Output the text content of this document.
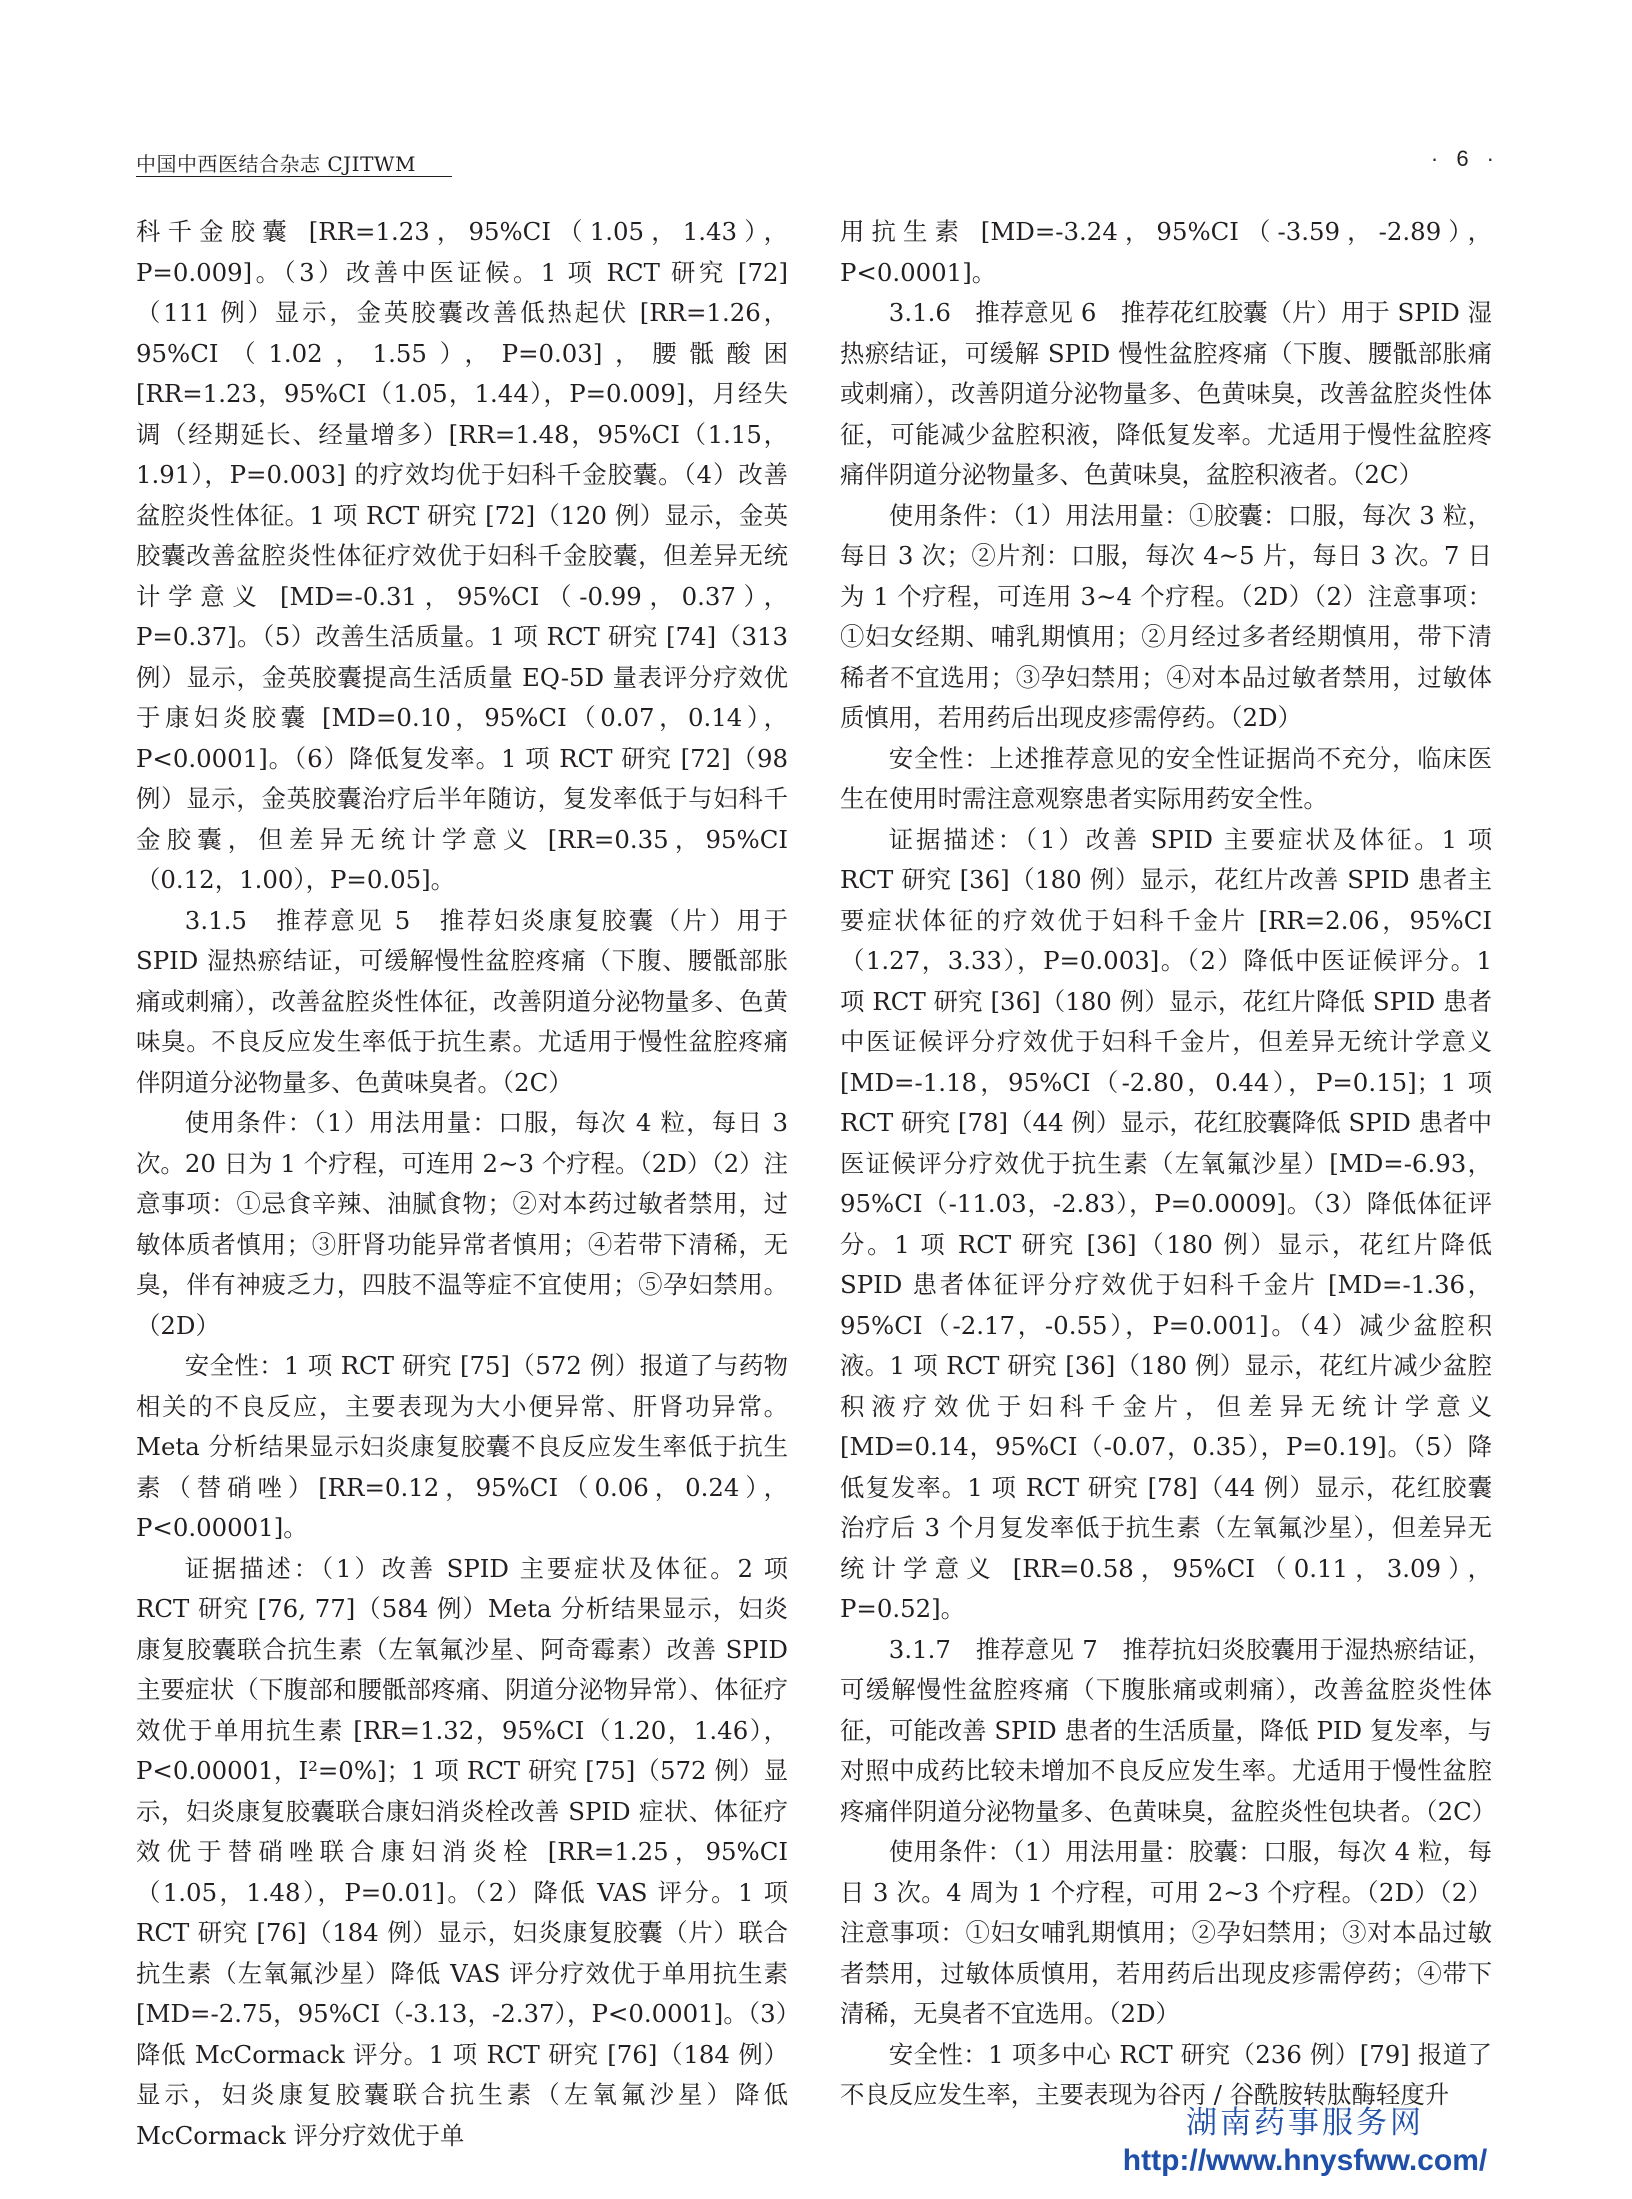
中国中西医结合杂志 CJITWM	· 6 ·

科千金胶囊 [RR=1.23，95%CI（1.05，1.43），P=0.009]。（3）改善中医证候。1 项 RCT 研究 [72]（111 例）显示，金英胶囊改善低热起伏 [RR=1.26，95%CI（1.02，1.55），P=0.03]，腰骶酸困 [RR=1.23，95%CI（1.05，1.44），P=0.009]，月经失调（经期延长、经量增多）[RR=1.48，95%CI（1.15，1.91），P=0.003] 的疗效均优于妇科千金胶囊。（4）改善盆腔炎性体征。1 项 RCT 研究 [72]（120 例）显示，金英胶囊改善盆腔炎性体征疗效优于妇科千金胶囊，但差异无统计学意义 [MD=-0.31，95%CI（-0.99，0.37），P=0.37]。（5）改善生活质量。1 项 RCT 研究 [74]（313 例）显示，金英胶囊提高生活质量 EQ-5D 量表评分疗效优于康妇炎胶囊 [MD=0.10，95%CI（0.07，0.14），P<0.0001]。（6）降低复发率。1 项 RCT 研究 [72]（98 例）显示，金英胶囊治疗后半年随访，复发率低于与妇科千金胶囊，但差异无统计学意义 [RR=0.35，95%CI（0.12，1.00），P=0.05]。

3.1.5　推荐意见 5　推荐妇炎康复胶囊（片）用于 SPID 湿热瘀结证，可缓解慢性盆腔疼痛（下腹、腰骶部胀痛或刺痛），改善盆腔炎性体征，改善阴道分泌物量多、色黄味臭。不良反应发生率低于抗生素。尤适用于慢性盆腔疼痛伴阴道分泌物量多、色黄味臭者。（2C）

使用条件：（1）用法用量：口服，每次 4 粒，每日 3 次。20 日为 1 个疗程，可连用 2~3 个疗程。（2D）（2）注意事项：①忌食辛辣、油腻食物；②对本药过敏者禁用，过敏体质者慎用；③肝肾功能异常者慎用；④若带下清稀，无臭，伴有神疲乏力，四肢不温等症不宜使用；⑤孕妇禁用。（2D）

安全性：1 项 RCT 研究 [75]（572 例）报道了与药物相关的不良反应，主要表现为大小便异常、肝肾功异常。Meta 分析结果显示妇炎康复胶囊不良反应发生率低于抗生素（替硝唑）[RR=0.12，95%CI（0.06，0.24），P<0.00001]。

证据描述：（1）改善 SPID 主要症状及体征。2 项 RCT 研究 [76, 77]（584 例）Meta 分析结果显示，妇炎康复胶囊联合抗生素（左氧氟沙星、阿奇霉素）改善 SPID 主要症状（下腹部和腰骶部疼痛、阴道分泌物异常）、体征疗效优于单用抗生素 [RR=1.32，95%CI（1.20，1.46），P<0.00001，I²=0%]；1 项 RCT 研究 [75]（572 例）显示，妇炎康复胶囊联合康妇消炎栓改善 SPID 症状、体征疗效优于替硝唑联合康妇消炎栓 [RR=1.25，95%CI（1.05，1.48），P=0.01]。（2）降低 VAS 评分。1 项 RCT 研究 [76]（184 例）显示，妇炎康复胶囊（片）联合抗生素（左氧氟沙星）降低 VAS 评分疗效优于单用抗生素 [MD=-2.75，95%CI（-3.13，-2.37），P<0.0001]。（3）降低 McCormack 评分。1 项 RCT 研究 [76]（184 例）显示，妇炎康复胶囊联合抗生素（左氧氟沙星）降低 McCormack 评分疗效优于单

用抗生素 [MD=-3.24，95%CI（-3.59，-2.89），P<0.0001]。

3.1.6　推荐意见 6　推荐花红胶囊（片）用于 SPID 湿热瘀结证，可缓解 SPID 慢性盆腔疼痛（下腹、腰骶部胀痛或刺痛），改善阴道分泌物量多、色黄味臭，改善盆腔炎性体征，可能减少盆腔积液，降低复发率。尤适用于慢性盆腔疼痛伴阴道分泌物量多、色黄味臭，盆腔积液者。（2C）

使用条件：（1）用法用量：①胶囊：口服，每次 3 粒，每日 3 次；②片剂：口服，每次 4~5 片，每日 3 次。7 日为 1 个疗程，可连用 3~4 个疗程。（2D）（2）注意事项：①妇女经期、哺乳期慎用；②月经过多者经期慎用，带下清稀者不宜选用；③孕妇禁用；④对本品过敏者禁用，过敏体质慎用，若用药后出现皮疹需停药。（2D）

安全性：上述推荐意见的安全性证据尚不充分，临床医生在使用时需注意观察患者实际用药安全性。

证据描述：（1）改善 SPID 主要症状及体征。1 项 RCT 研究 [36]（180 例）显示，花红片改善 SPID 患者主要症状体征的疗效优于妇科千金片 [RR=2.06，95%CI（1.27，3.33），P=0.003]。（2）降低中医证候评分。1 项 RCT 研究 [36]（180 例）显示，花红片降低 SPID 患者中医证候评分疗效优于妇科千金片，但差异无统计学意义 [MD=-1.18，95%CI（-2.80，0.44），P=0.15]；1 项 RCT 研究 [78]（44 例）显示，花红胶囊降低 SPID 患者中医证候评分疗效优于抗生素（左氧氟沙星）[MD=-6.93，95%CI（-11.03，-2.83），P=0.0009]。（3）降低体征评分。1 项 RCT 研究 [36]（180 例）显示，花红片降低 SPID 患者体征评分疗效优于妇科千金片 [MD=-1.36，95%CI（-2.17，-0.55），P=0.001]。（4）减少盆腔积液。1 项 RCT 研究 [36]（180 例）显示，花红片减少盆腔积液疗效优于妇科千金片，但差异无统计学意义 [MD=0.14，95%CI（-0.07，0.35），P=0.19]。（5）降低复发率。1 项 RCT 研究 [78]（44 例）显示，花红胶囊治疗后 3 个月复发率低于抗生素（左氧氟沙星），但差异无统计学意义 [RR=0.58，95%CI（0.11，3.09），P=0.52]。

3.1.7　推荐意见 7　推荐抗妇炎胶囊用于湿热瘀结证，可缓解慢性盆腔疼痛（下腹胀痛或刺痛），改善盆腔炎性体征，可能改善 SPID 患者的生活质量，降低 PID 复发率，与对照中成药比较未增加不良反应发生率。尤适用于慢性盆腔疼痛伴阴道分泌物量多、色黄味臭，盆腔炎性包块者。（2C）

使用条件：（1）用法用量：胶囊：口服，每次 4 粒，每日 3 次。4 周为 1 个疗程，可用 2~3 个疗程。（2D）（2）注意事项：①妇女哺乳期慎用；②孕妇禁用；③对本品过敏者禁用，过敏体质慎用，若用药后出现皮疹需停药；④带下清稀，无臭者不宜选用。（2D）

安全性：1 项多中心 RCT 研究（236 例）[79] 报道了不良反应发生率，主要表现为谷丙 / 谷酰胺转肽酶轻度升

湖南药事服务网
http://www.hnysfww.com/
